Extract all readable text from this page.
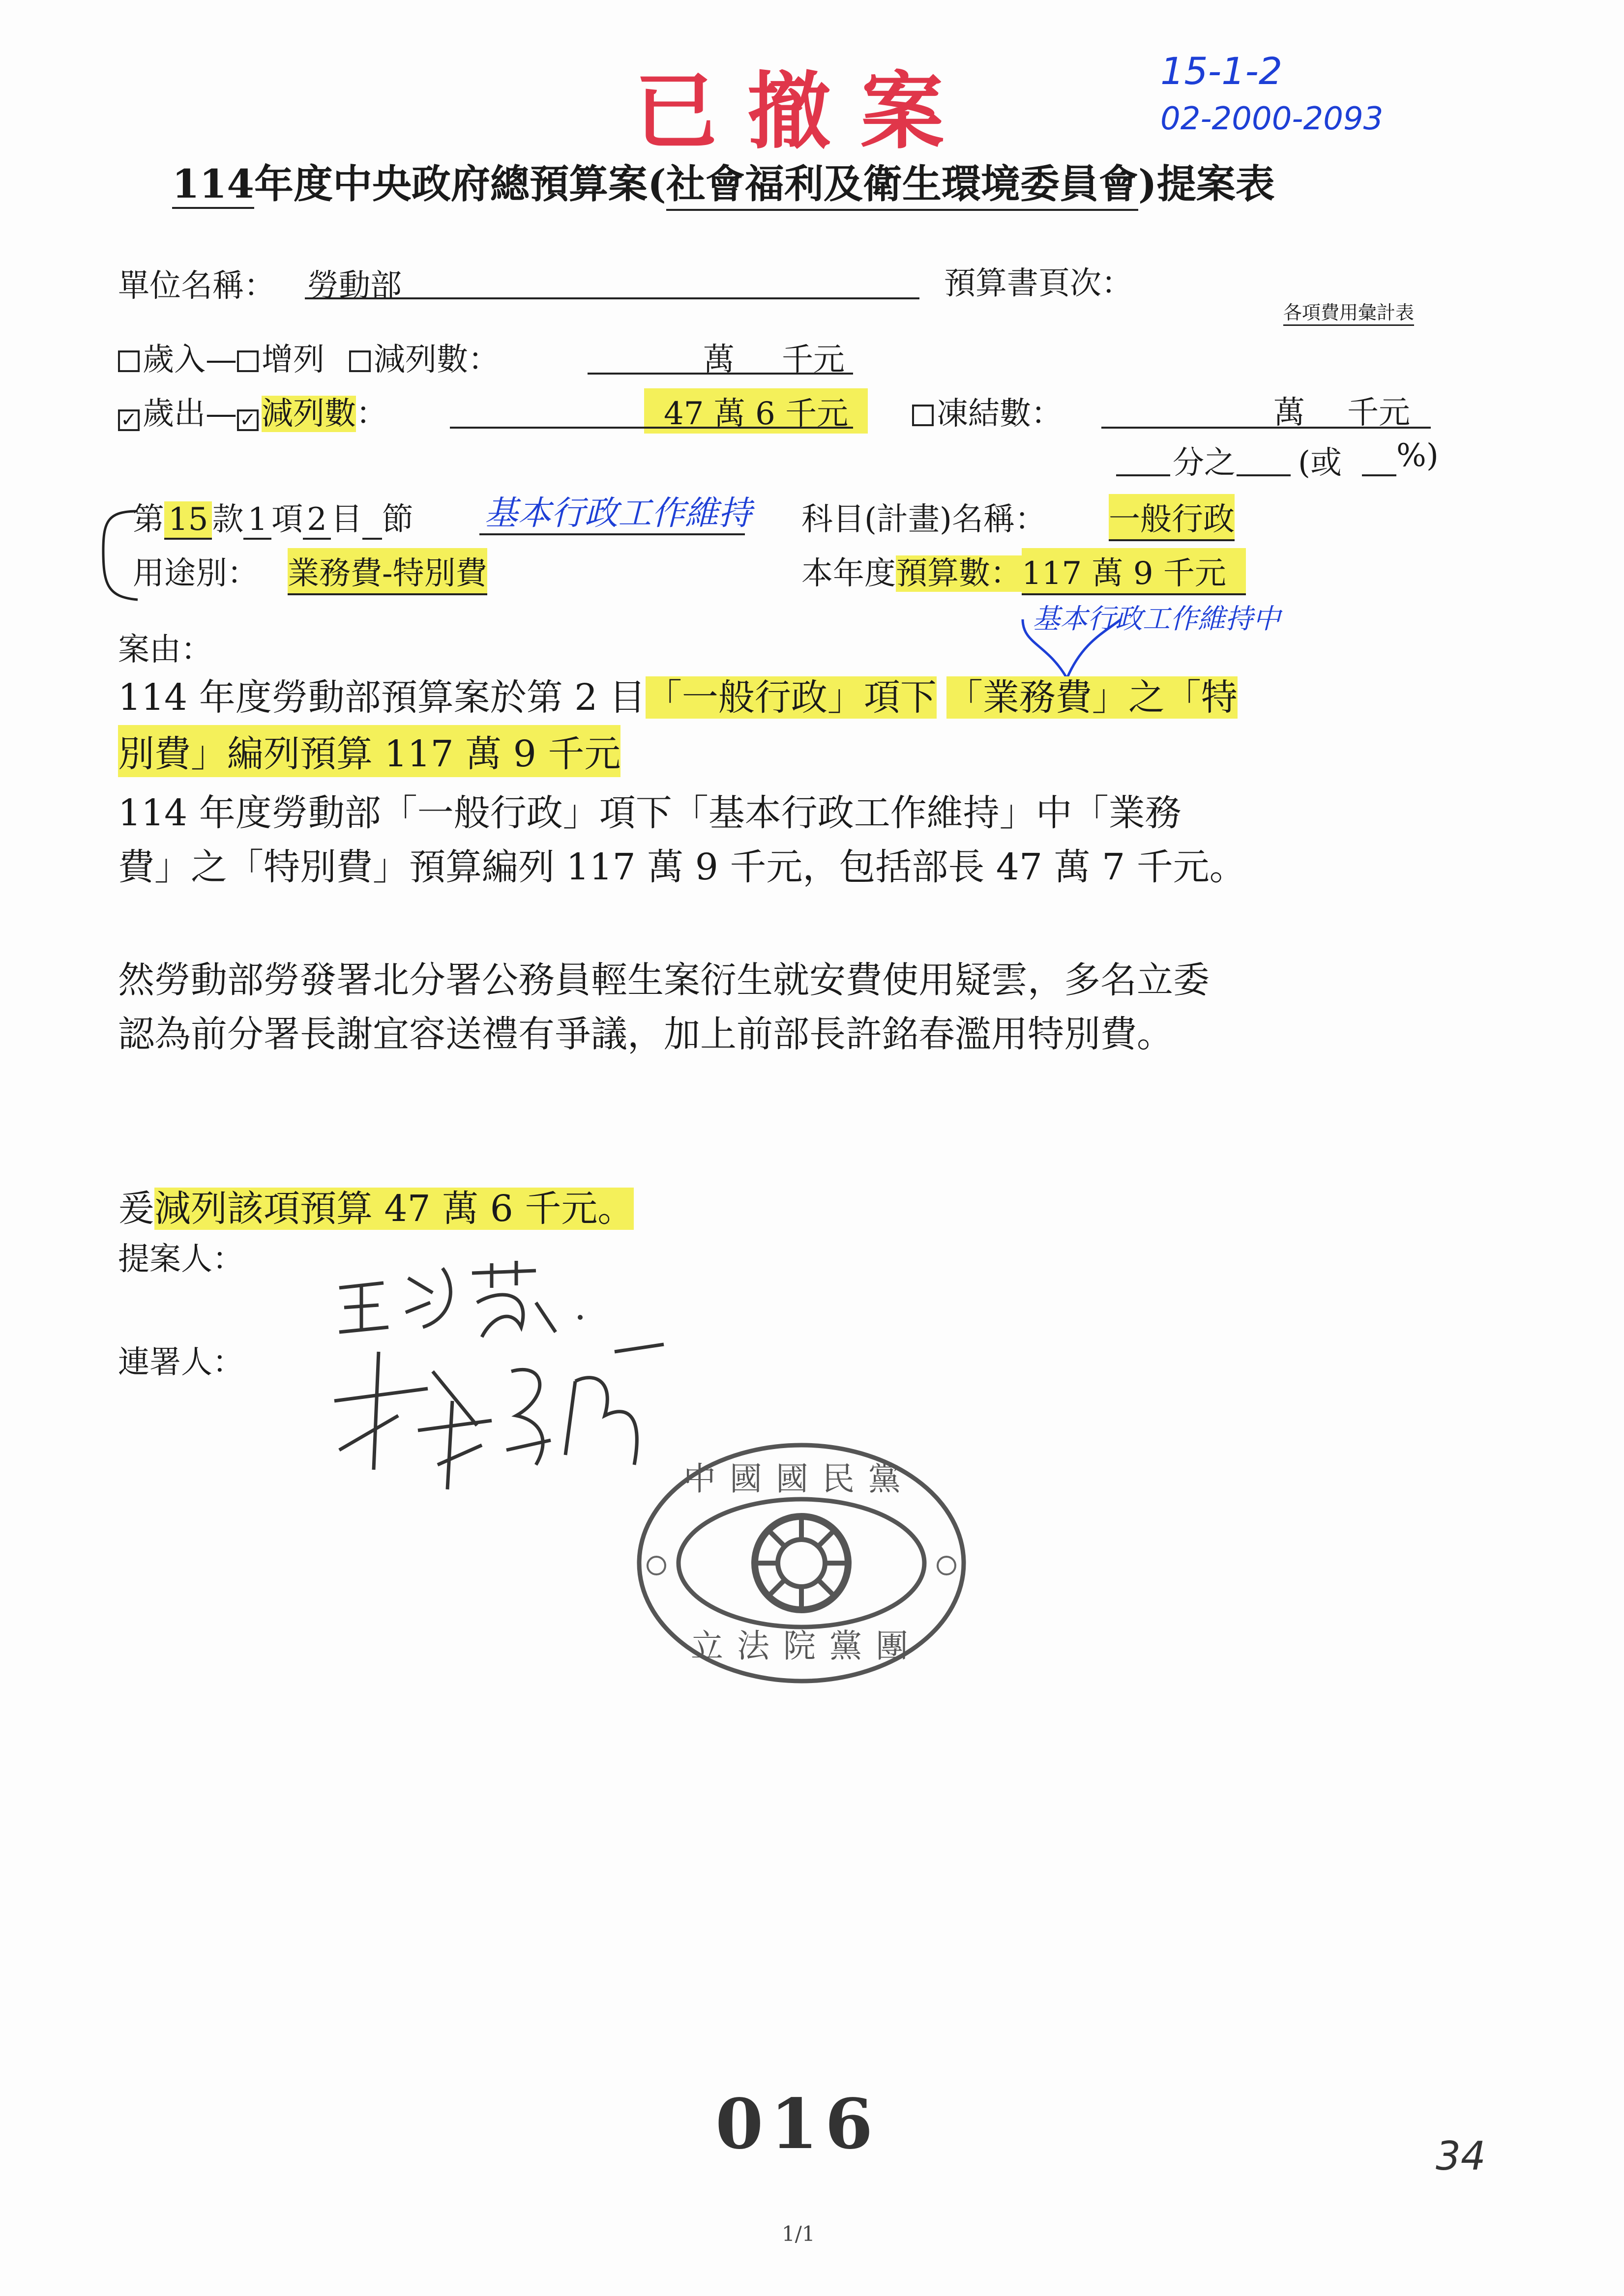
已撤案	15-1-2
02-2000-2093
114年度中央政府總預算案(社會福利及衛生環境委員會)提案表
單位名稱： 勞動部	預算書頁次：
各項費用彙計表
歲入— 增列 減列數：	萬 千元
✓ 歲出— ✓ 減列數：	47 萬 6 千元	凍結數：	萬 千元
分之 (或 %)
第 15 款 1 項 2 目 節 基本行政工作維持 科目(計畫)名稱： 一般行政
用途別： 業務費-特別費	本年度預算數：117 萬 9 千元
案由：
基本行政工作維持中
114 年度勞動部預算案於第 2 目「一般行政」項下 「業務費」之「特
別費」編列預算 117 萬 9 千元
114 年度勞動部「一般行政」項下「基本行政工作維持」中「業務
費」之「特別費」預算編列 117 萬 9 千元，包括部長 47 萬 7 千元。
然勞動部勞發署北分署公務員輕生案衍生就安費使用疑雲，多名立委
認為前分署長謝宜容送禮有爭議，加上前部長許銘春濫用特別費。
爰減列該項預算 47 萬 6 千元。
提案人：
連署人：
中國國民黨
立法院黨團
016	34
1/1
